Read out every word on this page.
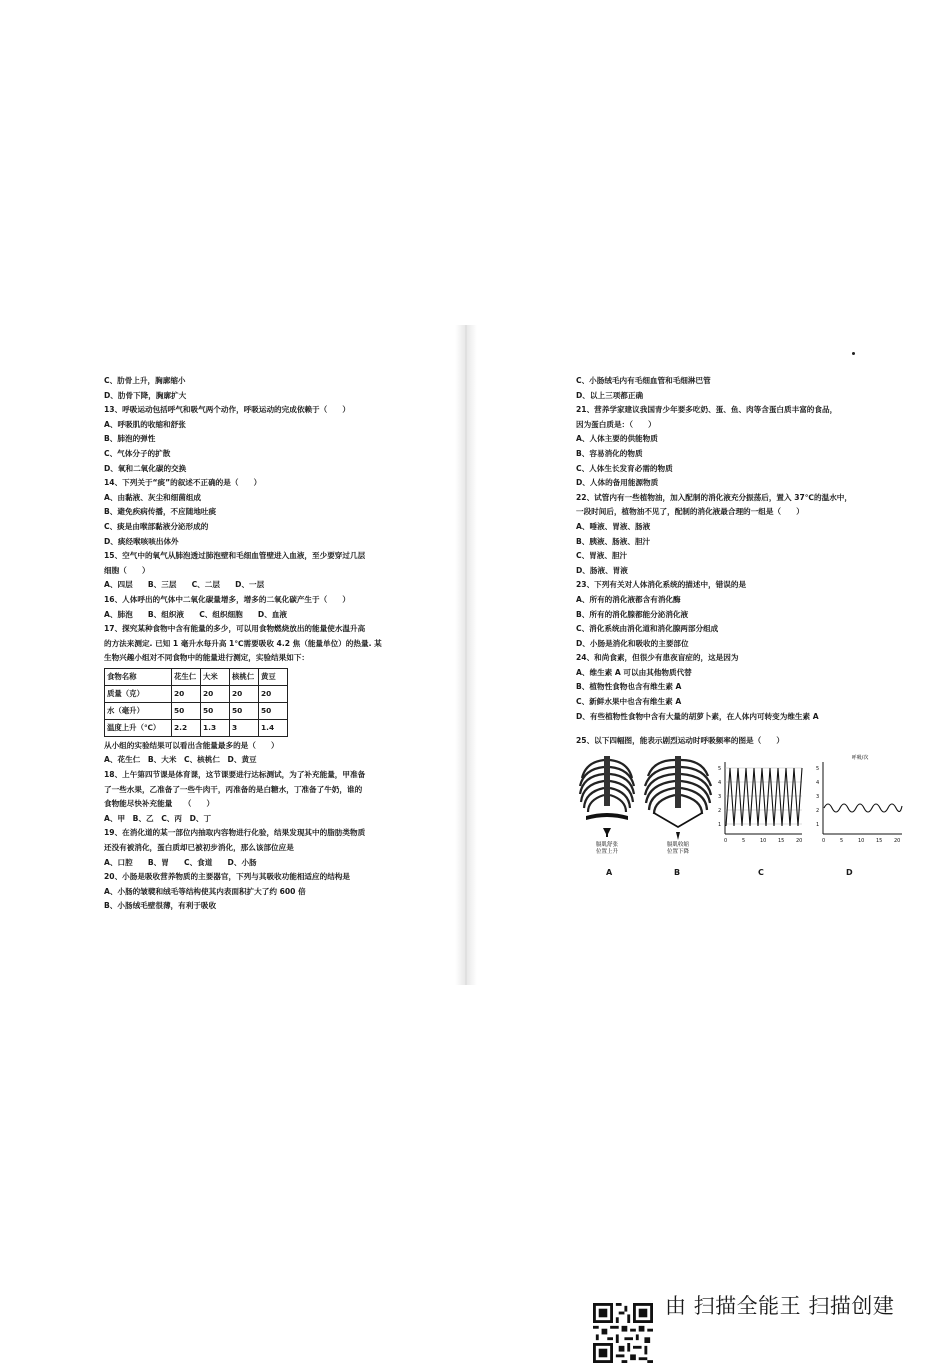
C、肋骨上升，胸廓缩小
D、肋骨下降，胸廓扩大
13、呼吸运动包括呼气和吸气两个动作，呼吸运动的完成依赖于（　　）
A、呼吸肌的收缩和舒张
B、肺泡的弹性
C、气体分子的扩散
D、氧和二氧化碳的交换
14、下列关于“痰”的叙述不正确的是（　　）
A、由黏液、灰尘和细菌组成
B、避免疾病传播，不应随地吐痰
C、痰是由喉部黏液分泌形成的
D、痰经喉咳咳出体外
15、空气中的氧气从肺泡透过肺泡壁和毛细血管壁进入血液，至少要穿过几层
细胞（　　）
A、四层　　B、三层　　C、二层　　D、一层
16、人体呼出的气体中二氧化碳量增多，增多的二氧化碳产生于（　　）
A、肺泡　　B、组织液　　C、组织细胞　　D、血液
17、探究某种食物中含有能量的多少，可以用食物燃烧放出的能量使水温升高
的方法来测定. 已知 1 毫升水每升高 1℃需要吸收 4.2 焦（能量单位）的热量. 某
生物兴趣小组对不同食物中的能量进行测定，实验结果如下：
食物名称	花生仁	大米	核桃仁	黄豆
质量（克）	20	20	20	20
水（毫升）	50	50	50	50
温度上升（℃）	2.2	1.3	3	1.4
从小组的实验结果可以看出含能量最多的是（　　）
A、花生仁　B、大米　C、核桃仁　D、黄豆
18、上午第四节课是体育课，这节课要进行达标测试，为了补充能量，甲准备
了一些水果，乙准备了一些牛肉干，丙准备的是白糖水，丁准备了牛奶，谁的
食物能尽快补充能量　　（　　）
A、甲　B、乙　C、丙　D、丁
19、在消化道的某一部位内抽取内容物进行化验，结果发现其中的脂肪类物质
还没有被消化，蛋白质却已被初步消化，那么该部位应是
A、口腔　　B、胃　　C、食道　　D、小肠
20、小肠是吸收营养物质的主要器官，下列与其吸收功能相适应的结构是
A、小肠的皱襞和绒毛等结构使其内表面积扩大了约 600 倍
B、小肠绒毛壁很薄，有利于吸收
C、小肠绒毛内有毛细血管和毛细淋巴管
D、以上三项都正确
21、营养学家建议我国青少年要多吃奶、蛋、鱼、肉等含蛋白质丰富的食品，
因为蛋白质是：（　　）
A、人体主要的供能物质
B、容易消化的物质
C、人体生长发育必需的物质
D、人体的备用能源物质
22、试管内有一些植物油，加入配制的消化液充分振荡后，置入 37℃的温水中，
一段时间后，植物油不见了，配制的消化液最合理的一组是（　　）
A、唾液、胃液、肠液
B、胰液、肠液、胆汁
C、胃液、胆汁
D、肠液、胃液
23、下列有关对人体消化系统的描述中，错误的是
A、所有的消化液都含有消化酶
B、所有的消化腺都能分泌消化液
C、消化系统由消化道和消化腺两部分组成
D、小肠是消化和吸收的主要部位
24、和尚食素，但很少有患夜盲症的，这是因为
A、维生素 A 可以由其他物质代替
B、植物性食物也含有维生素 A
C、新鲜水果中也含有维生素 A
D、有些植物性食物中含有大量的胡萝卜素，在人体内可转变为维生素 A
25、以下四幅图，能表示剧烈运动时呼吸频率的图是（　　）
膈肌舒张
位置上升
膈肌收缩
位置下降
5
4
3
2
1
0	5	10 15 20
呼吸/次
5
4
3
2
1
0	5	10 15 20
A	B	C	D
由 扫描全能王 扫描创建
